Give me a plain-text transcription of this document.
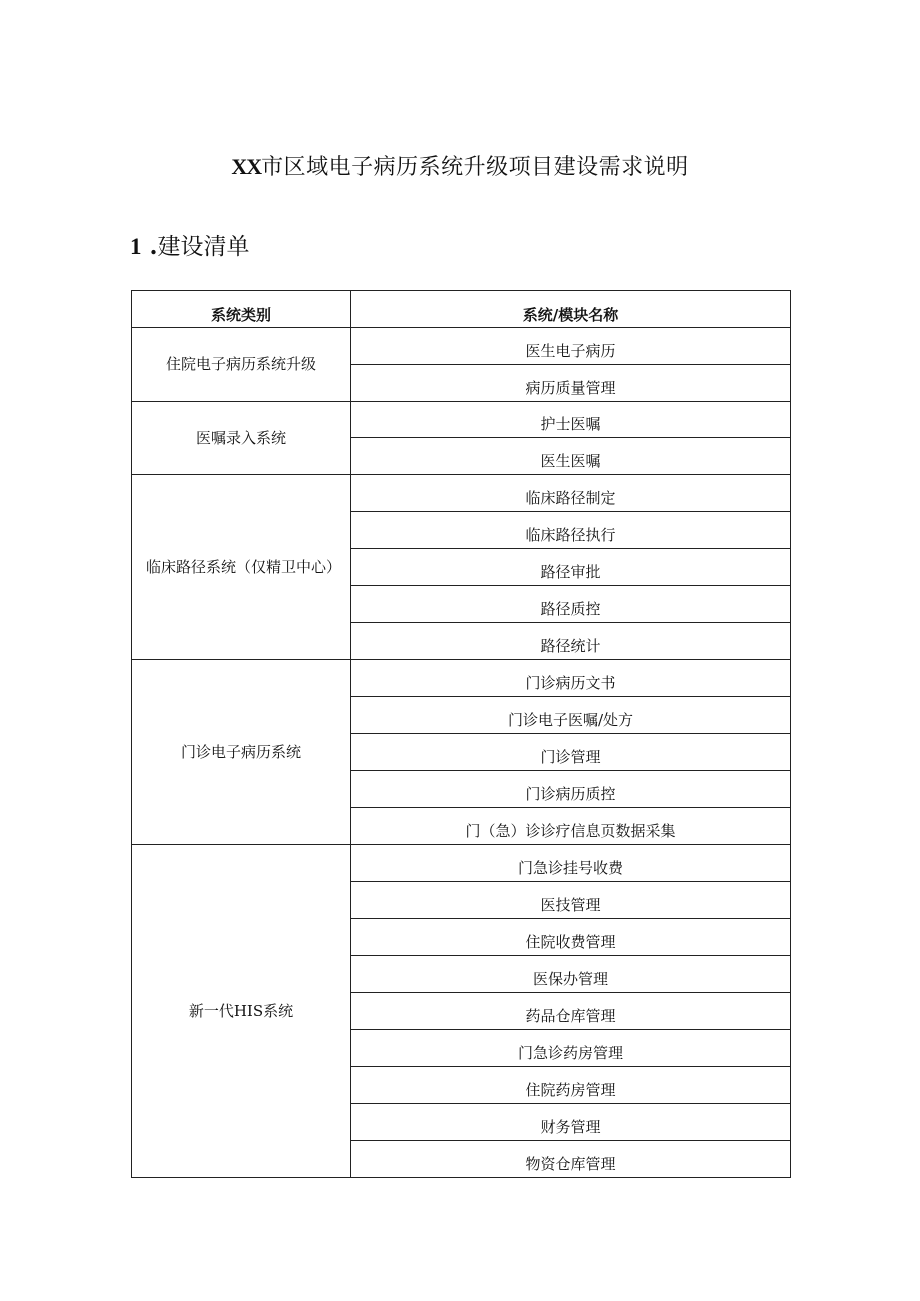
XX市区域电子病历系统升级项目建设需求说明
1 .建设清单
系统类别	系统/模块名称
住院电子病历系统升级	医生电子病历
	病历质量管理
医嘱录入系统	护士医嘱
	医生医嘱
临床路径系统（仅精卫中心）	临床路径制定
	临床路径执行
	路径审批
	路径质控
	路径统计
门诊电子病历系统	门诊病历文书
	门诊电子医嘱/处方
	门诊管理
	门诊病历质控
	门（急）诊诊疗信息页数据采集
新一代HIS系统	门急诊挂号收费
	医技管理
	住院收费管理
	医保办管理
	药品仓库管理
	门急诊药房管理
	住院药房管理
	财务管理
	物资仓库管理
